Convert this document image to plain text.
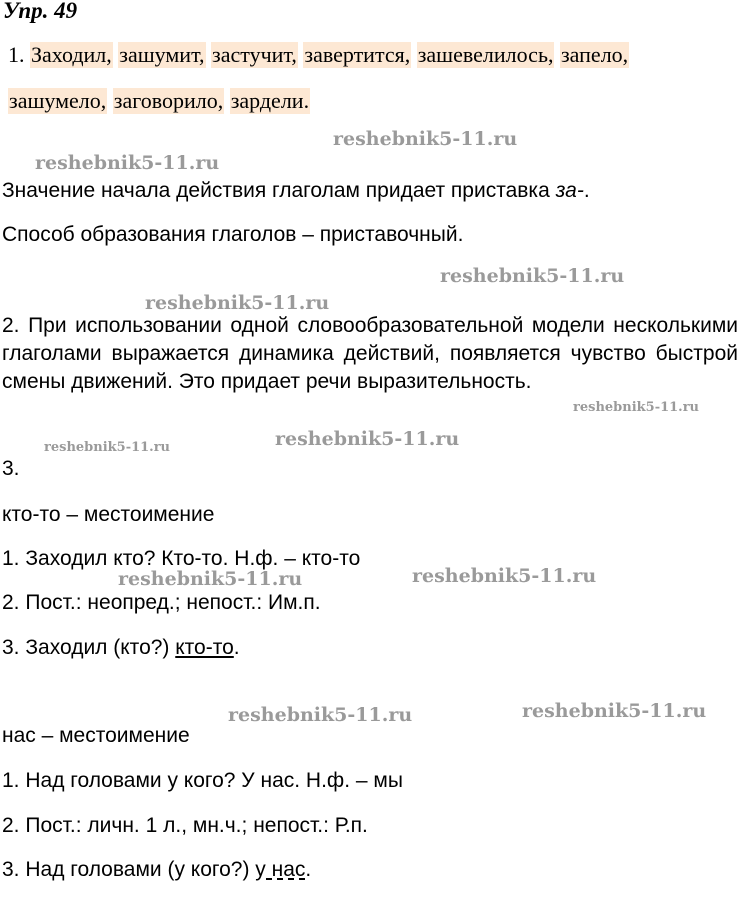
Упр. 49
1. Заходил, зашумит, застучит, завертится, зашевелилось, запело,
зашумело, заговорило, зардели.
reshebnik5-11.ru
reshebnik5-11.ru
Значение начала действия глаголам придает приставка за-.
Способ образования глаголов – приставочный.
reshebnik5-11.ru
reshebnik5-11.ru
2. При использовании одной словообразовательной модели несколькими глаголами выражается динамика действий, появляется чувство быстрой смены движений. Это придает речи выразительность.
reshebnik5-11.ru
reshebnik5-11.ru
reshebnik5-11.ru
3.
кто-то – местоимение
1. Заходил кто? Кто-то. Н.ф. – кто-то
reshebnik5-11.ru	reshebnik5-11.ru
2. Пост.: неопред.; непост.: Им.п.
3. Заходил (кто?) кто-то.
reshebnik5-11.ru	reshebnik5-11.ru
нас – местоимение
1. Над головами у кого? У нас. Н.ф. – мы
2. Пост.: личн. 1 л., мн.ч.; непост.: Р.п.
3. Над головами (у кого?) у нас.
